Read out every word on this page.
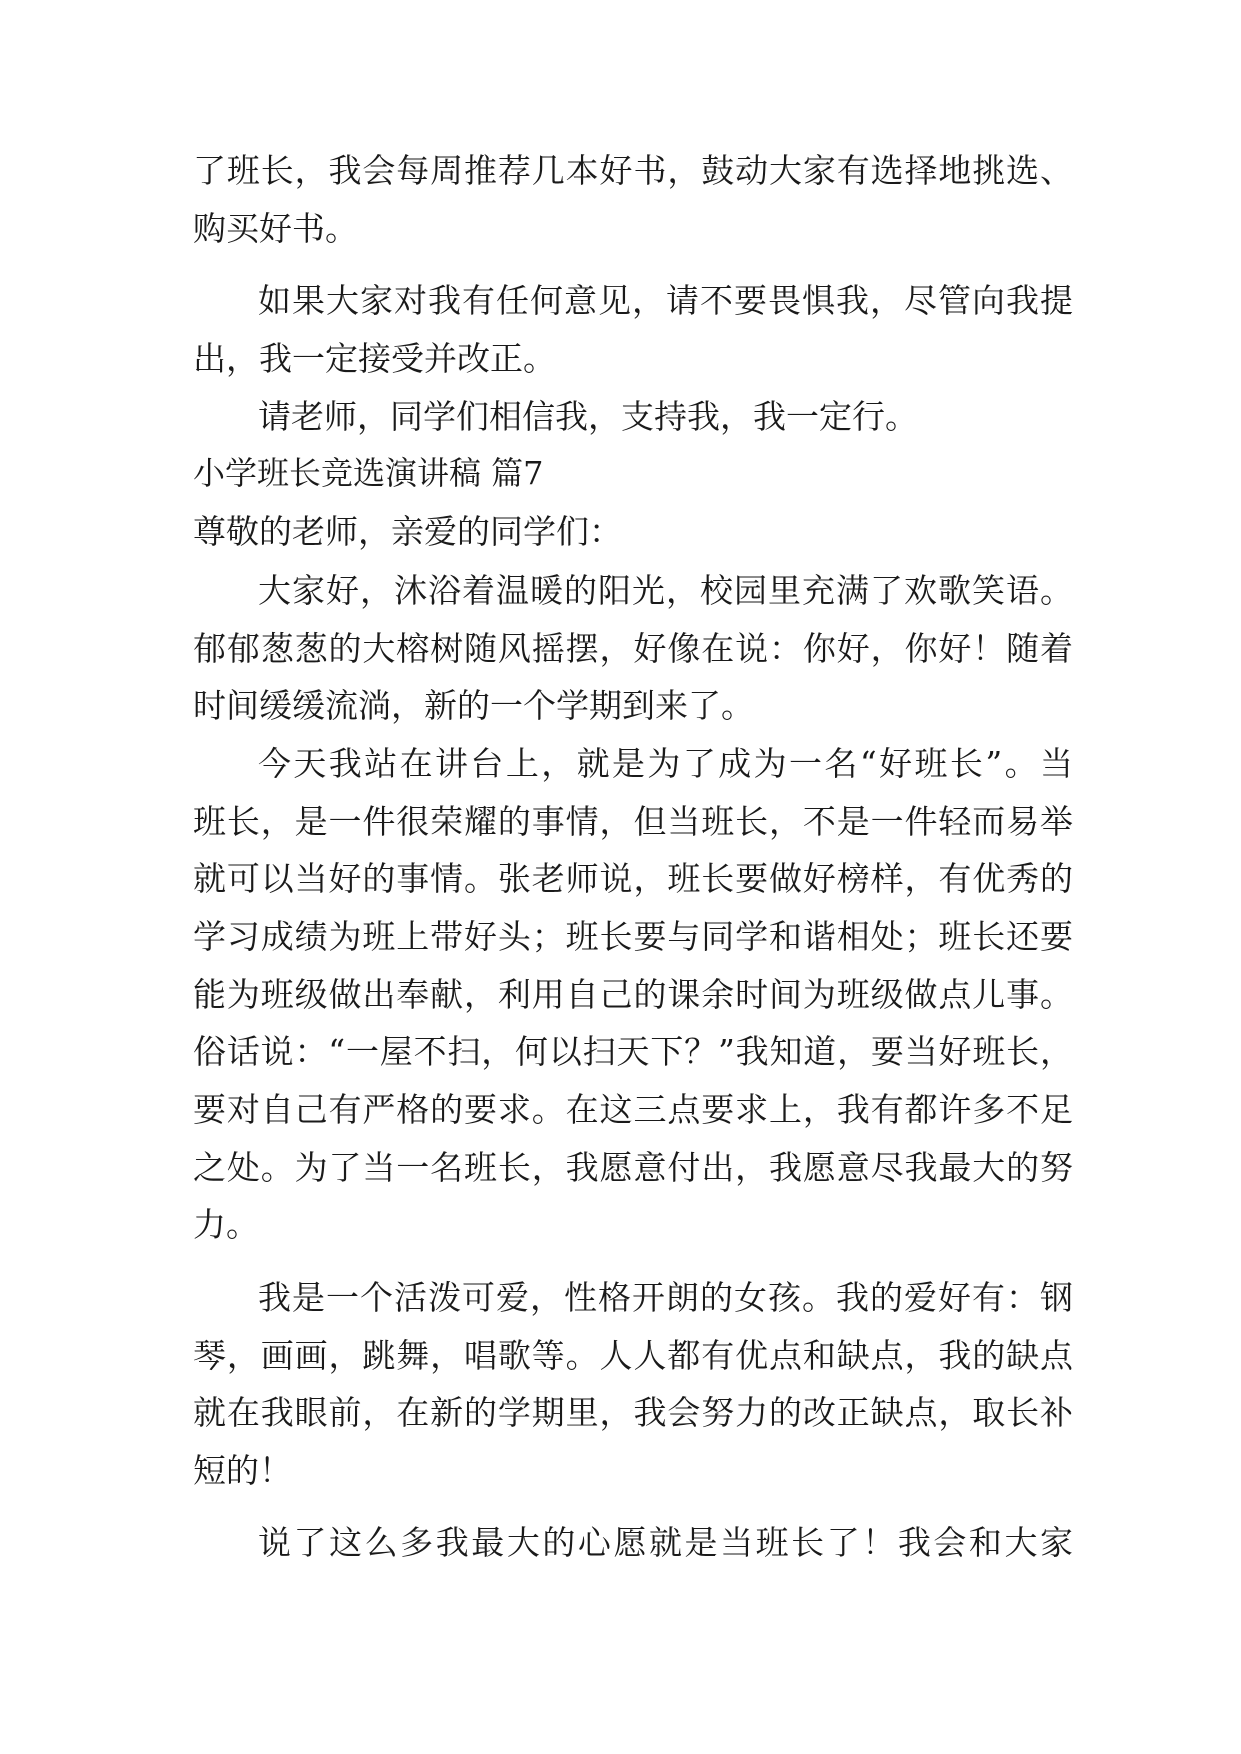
了班长，我会每周推荐几本好书，鼓动大家有选择地挑选、
购买好书。
如果大家对我有任何意见，请不要畏惧我，尽管向我提
出，我一定接受并改正。
请老师，同学们相信我，支持我，我一定行。
小学班长竞选演讲稿 篇7
尊敬的老师，亲爱的同学们：
大家好，沐浴着温暖的阳光，校园里充满了欢歌笑语。
郁郁葱葱的大榕树随风摇摆，好像在说：你好，你好！随着
时间缓缓流淌，新的一个学期到来了。
今天我站在讲台上，就是为了成为一名“好班长”。当
班长，是一件很荣耀的事情，但当班长，不是一件轻而易举
就可以当好的事情。张老师说，班长要做好榜样，有优秀的
学习成绩为班上带好头；班长要与同学和谐相处；班长还要
能为班级做出奉献，利用自己的课余时间为班级做点儿事。
俗话说：“一屋不扫，何以扫天下？”我知道，要当好班长，
要对自己有严格的要求。在这三点要求上，我有都许多不足
之处。为了当一名班长，我愿意付出，我愿意尽我最大的努
力。
我是一个活泼可爱，性格开朗的女孩。我的爱好有：钢
琴，画画，跳舞，唱歌等。人人都有优点和缺点，我的缺点
就在我眼前，在新的学期里，我会努力的改正缺点，取长补
短的！
说了这么多我最大的心愿就是当班长了！我会和大家
